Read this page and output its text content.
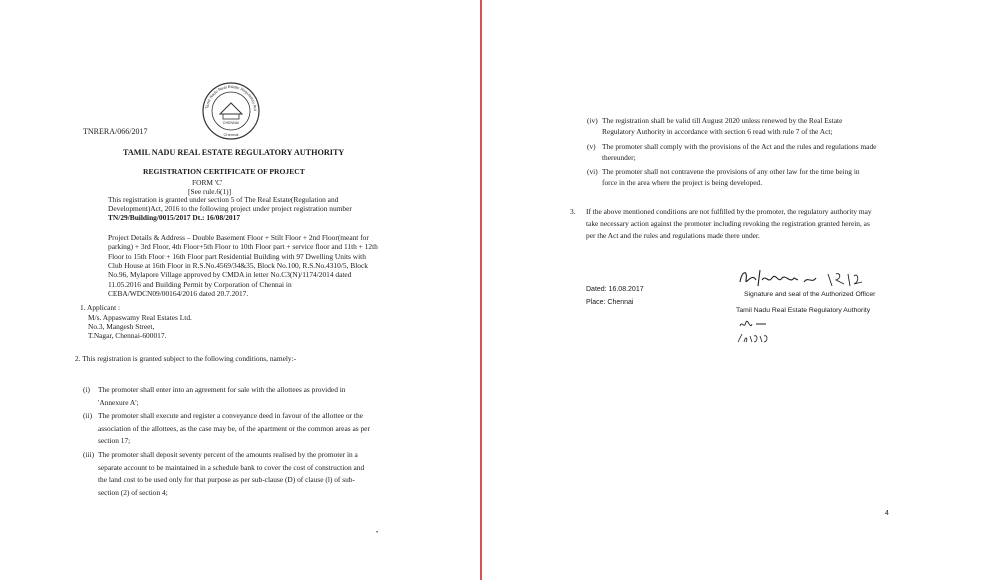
CHENNAI
Tamil Nadu Real Estate Regulatory Aut
Chennai
TNRERA/066/2017
TAMIL NADU REAL ESTATE REGULATORY AUTHORITY
REGISTRATION CERTIFICATE OF PROJECT
FORM 'C'
[See rule.6(1)]
This registration is granted under section 5 of The Real Estate(Regulation and
Development)Act, 2016 to the following project under project registration number
TN/29/Building/0015/2017 Dt.: 16/08/2017
Project Details & Address – Double Basement Floor + Stilt Floor + 2nd Floor(meant for
parking) + 3rd Floor, 4th Floor+5th Floor to 10th Floor part + service floor and 11th + 12th
Floor to 15th Floor + 16th Floor part Residential Building with 97 Dwelling Units with
Club House at 16th Floor in R.S.No.4569/34&35, Block No.100, R.S.No.4310/5, Block
No.96, Mylapore Village approved by CMDA in letter No.C3(N)/1174/2014 dated
11.05.2016 and Building Permit by Corporation of Chennai in
CEBA/WDCN09/00164/2016 dated 20.7.2017.
1. Applicant :
M/s. Appaswamy Real Estates Ltd.
No.3, Mangesh Street,
T.Nagar, Chennai-600017.
2. This registration is granted subject to the following conditions, namely:-
(i) The promoter shall enter into an agreement for sale with the allottees as provided in
'Annexure A';
(ii) The promoter shall execute and register a conveyance deed in favour of the allottee or the
association of the allottees, as the case may be, of the apartment or the common areas as per
section 17;
(iii) The promoter shall deposit seventy percent of the amounts realised by the promoter in a
separate account to be maintained in a schedule bank to cover the cost of construction and
the land cost to be used only for that purpose as per sub-clause (D) of clause (l) of sub-
section (2) of section 4;
•
(iv) The registration shall be valid till August 2020 unless renewed by the Real Estate
Regulatory Authority in accordance with section 6 read with rule 7 of the Act;
(v) The promoter shall comply with the provisions of the Act and the rules and regulations made
thereunder;
(vi) The promoter shall not contravene the provisions of any other law for the time being in
force in the area where the project is being developed.
3. If the above mentioned conditions are not fulfilled by the promoter, the regulatory authority may
take necessary action against the promoter including revoking the registration granted herein, as
per the Act and the rules and regulations made there under.
Dated: 16.08.2017
Place: Chennai
Signature and seal of the Authorized Officer
Tamil Nadu Real Estate Regulatory Authority
4
